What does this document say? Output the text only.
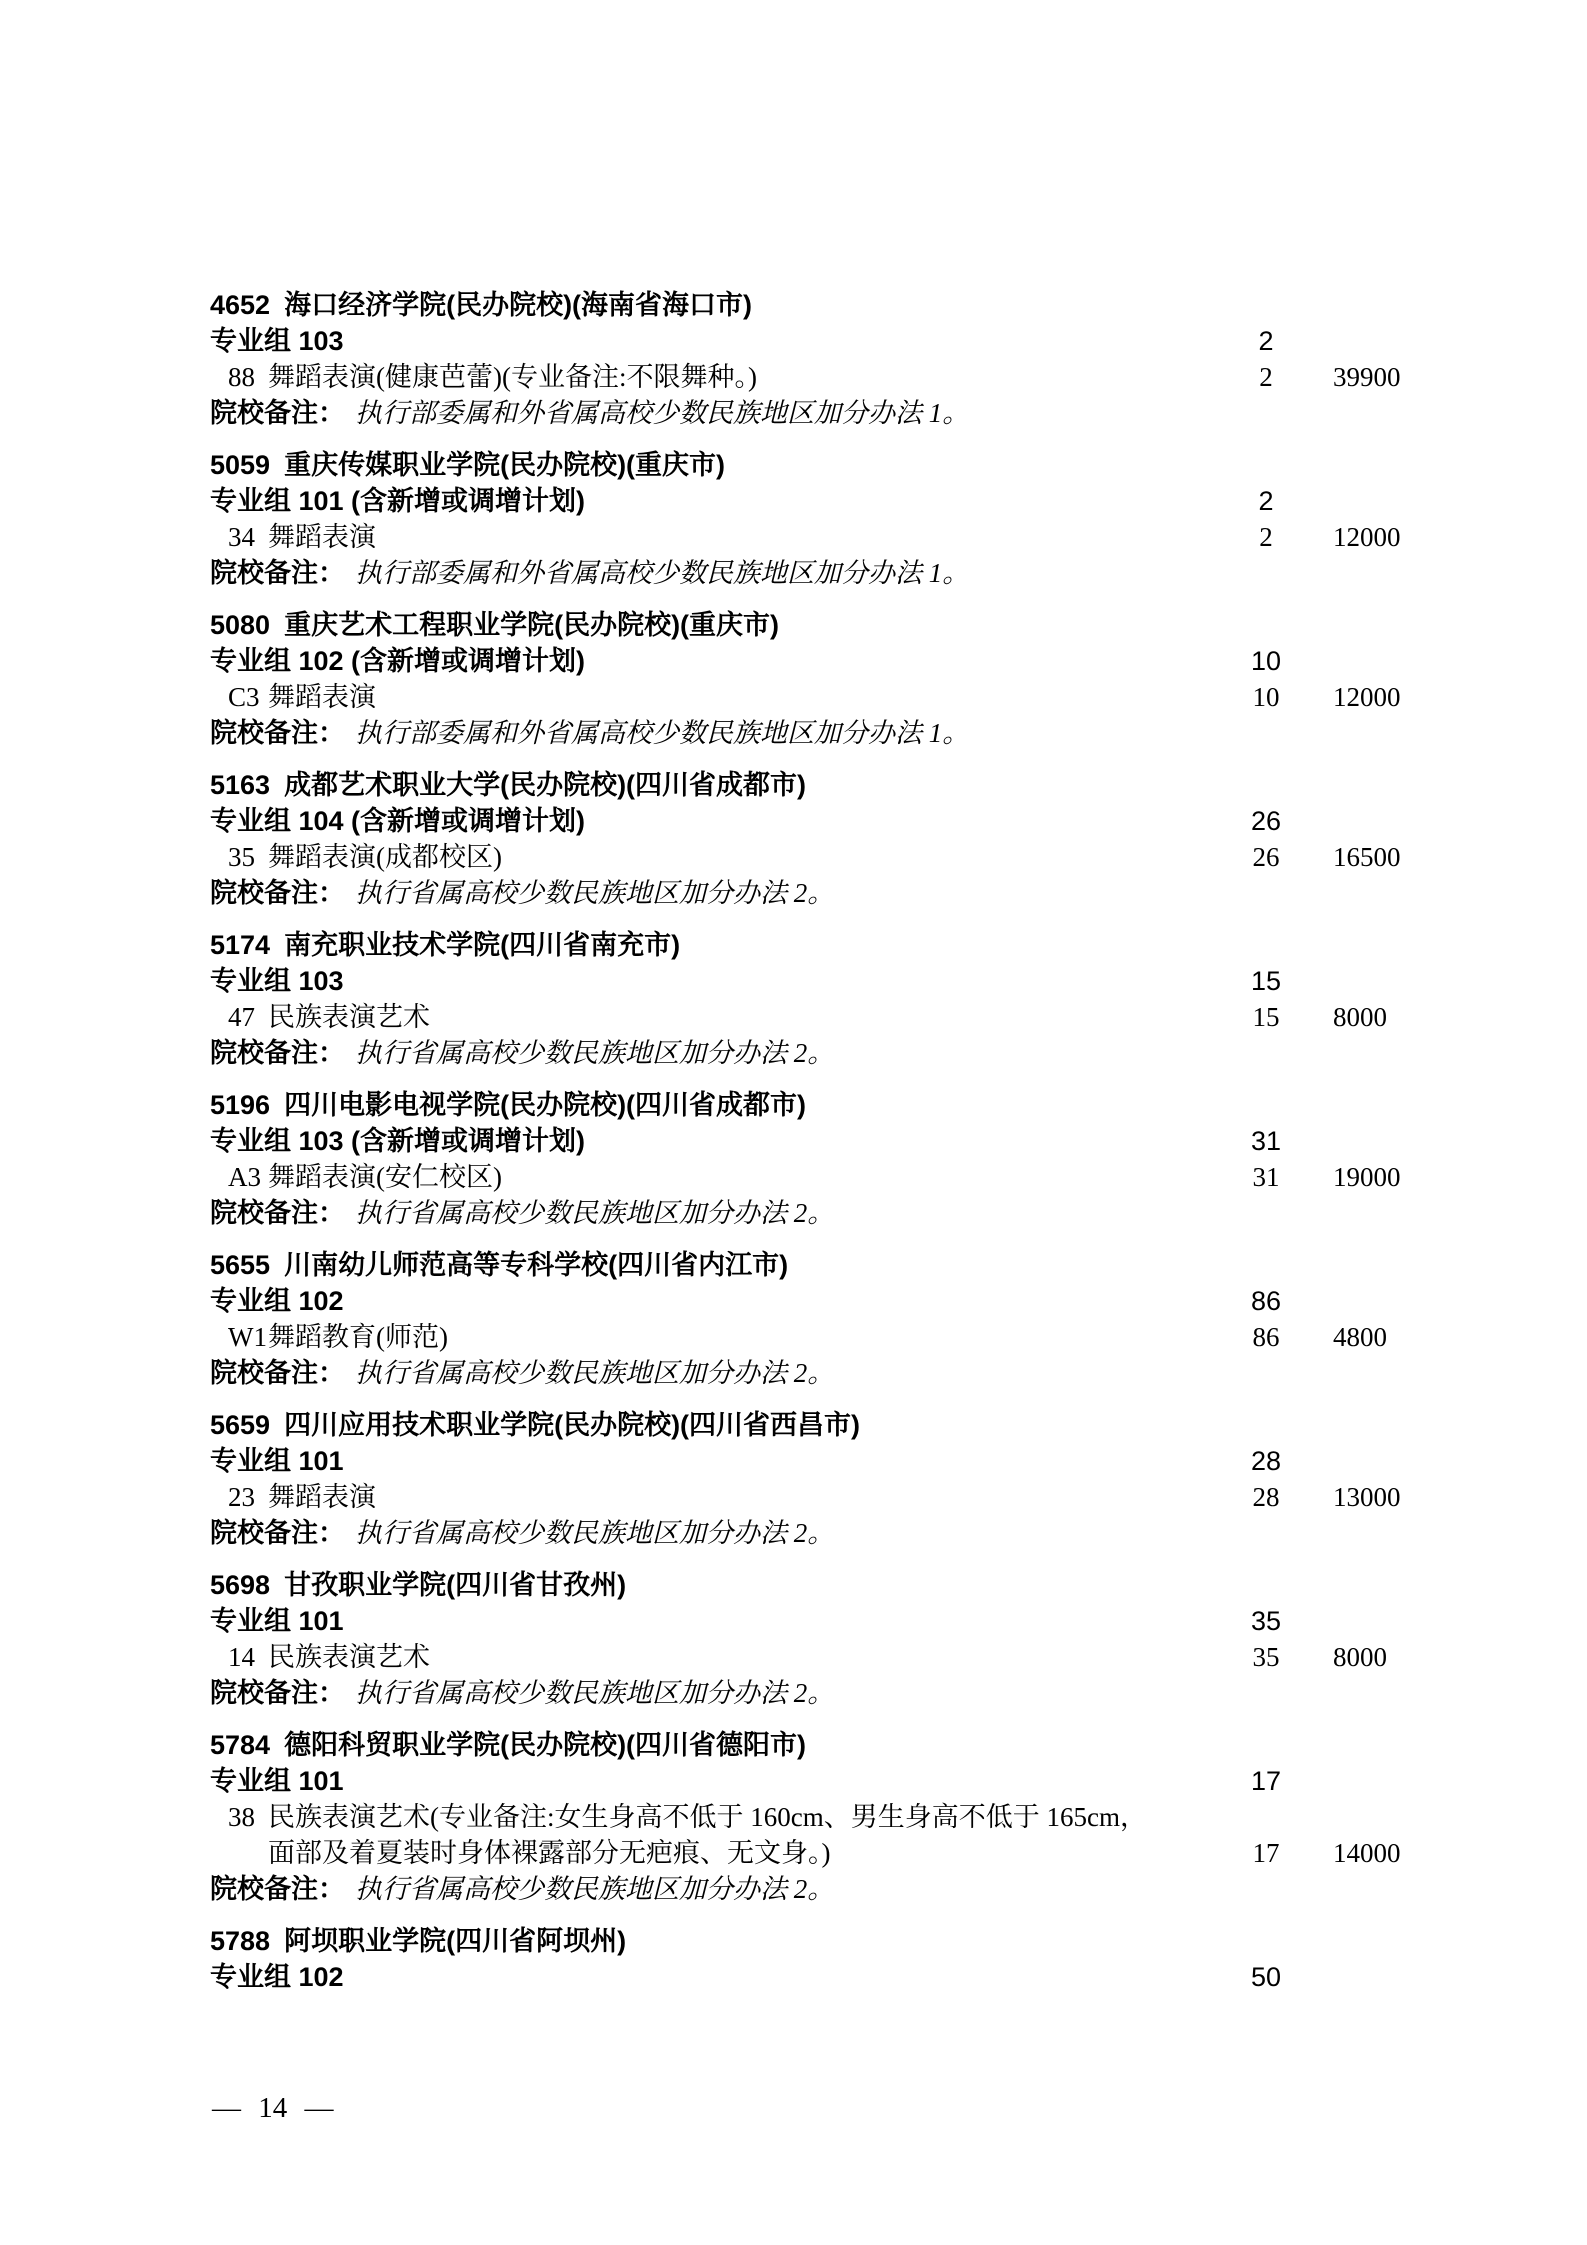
4652 海口经济学院(民办院校)(海南省海口市)
专业组 103	2
88 舞蹈表演(健康芭蕾)(专业备注:不限舞种。)	2	39900
院校备注： 执行部委属和外省属高校少数民族地区加分办法 1。
5059 重庆传媒职业学院(民办院校)(重庆市)
专业组 101 (含新增或调增计划)	2
34 舞蹈表演	2	12000
院校备注： 执行部委属和外省属高校少数民族地区加分办法 1。
5080 重庆艺术工程职业学院(民办院校)(重庆市)
专业组 102 (含新增或调增计划)	10
C3 舞蹈表演	10	12000
院校备注： 执行部委属和外省属高校少数民族地区加分办法 1。
5163 成都艺术职业大学(民办院校)(四川省成都市)
专业组 104 (含新增或调增计划)	26
35 舞蹈表演(成都校区)	26	16500
院校备注： 执行省属高校少数民族地区加分办法 2。
5174 南充职业技术学院(四川省南充市)
专业组 103	15
47 民族表演艺术	15	8000
院校备注： 执行省属高校少数民族地区加分办法 2。
5196 四川电影电视学院(民办院校)(四川省成都市)
专业组 103 (含新增或调增计划)	31
A3 舞蹈表演(安仁校区)	31	19000
院校备注： 执行省属高校少数民族地区加分办法 2。
5655 川南幼儿师范高等专科学校(四川省内江市)
专业组 102	86
W1 舞蹈教育(师范)	86	4800
院校备注： 执行省属高校少数民族地区加分办法 2。
5659 四川应用技术职业学院(民办院校)(四川省西昌市)
专业组 101	28
23 舞蹈表演	28	13000
院校备注： 执行省属高校少数民族地区加分办法 2。
5698 甘孜职业学院(四川省甘孜州)
专业组 101	35
14 民族表演艺术	35	8000
院校备注： 执行省属高校少数民族地区加分办法 2。
5784 德阳科贸职业学院(民办院校)(四川省德阳市)
专业组 101	17
38 民族表演艺术(专业备注:女生身高不低于 160cm、男生身高不低于 165cm，面部及着夏装时身体裸露部分无疤痕、无文身。)	17	14000
院校备注： 执行省属高校少数民族地区加分办法 2。
5788 阿坝职业学院(四川省阿坝州)
专业组 102	50
— 14 —
